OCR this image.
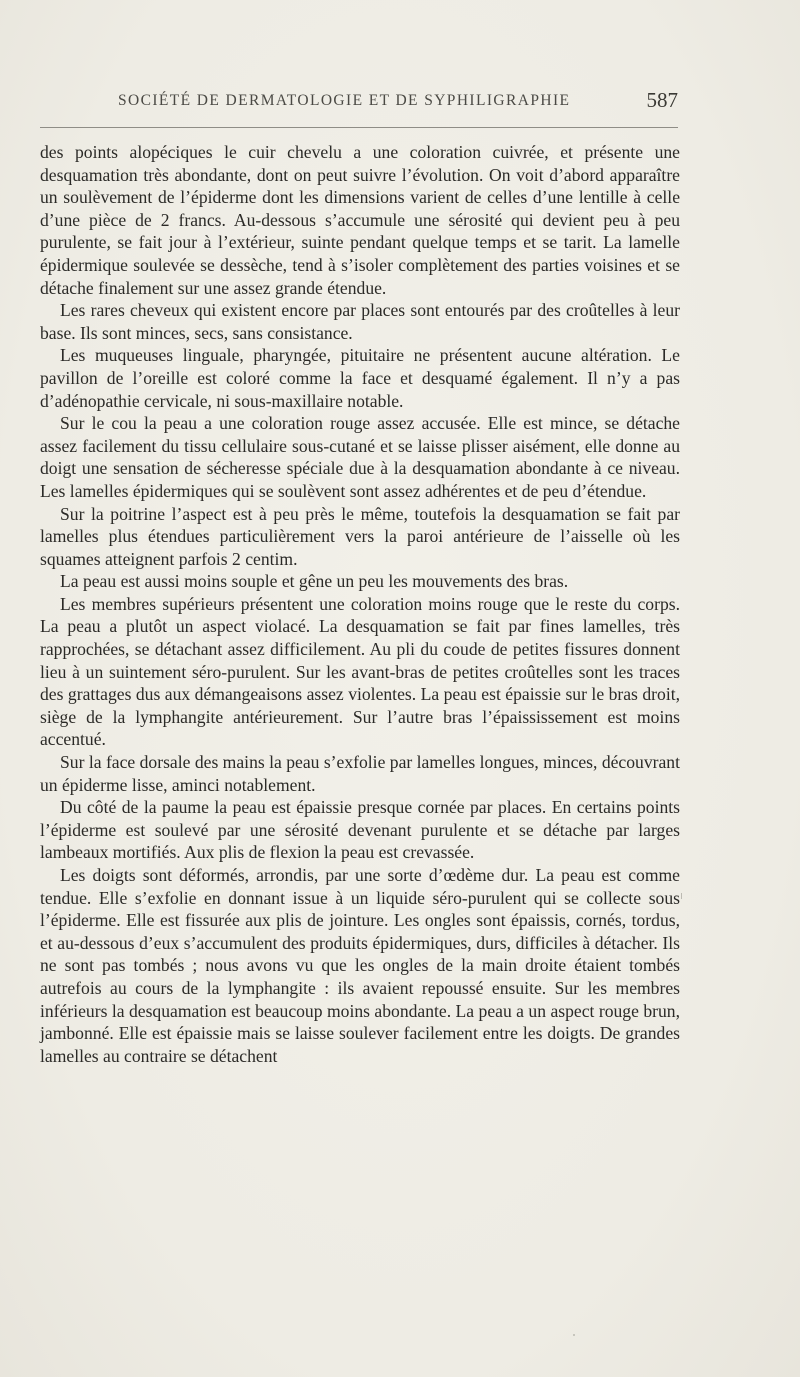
SOCIÉTÉ DE DERMATOLOGIE ET DE SYPHILIGRAPHIE	587

des points alopéciques le cuir chevelu a une coloration cuivrée, et présente une desquamation très abondante, dont on peut suivre l’évolution. On voit d’abord apparaître un soulèvement de l’épiderme dont les dimensions varient de celles d’une lentille à celle d’une pièce de 2 francs. Au-dessous s’accumule une sérosité qui devient peu à peu purulente, se fait jour à l’extérieur, suinte pendant quelque temps et se tarit. La lamelle épidermique soulevée se dessèche, tend à s’isoler complètement des parties voisines et se détache finalement sur une assez grande étendue.

Les rares cheveux qui existent encore par places sont entourés par des croûtelles à leur base. Ils sont minces, secs, sans consistance.

Les muqueuses linguale, pharyngée, pituitaire ne présentent aucune altération. Le pavillon de l’oreille est coloré comme la face et desquamé également. Il n’y a pas d’adénopathie cervicale, ni sous-maxillaire notable.

Sur le cou la peau a une coloration rouge assez accusée. Elle est mince, se détache assez facilement du tissu cellulaire sous-cutané et se laisse plisser aisément, elle donne au doigt une sensation de sécheresse spéciale due à la desquamation abondante à ce niveau. Les lamelles épidermiques qui se soulèvent sont assez adhérentes et de peu d’étendue.

Sur la poitrine l’aspect est à peu près le même, toutefois la desquamation se fait par lamelles plus étendues particulièrement vers la paroi antérieure de l’aisselle où les squames atteignent parfois 2 centim.

La peau est aussi moins souple et gêne un peu les mouvements des bras.

Les membres supérieurs présentent une coloration moins rouge que le reste du corps. La peau a plutôt un aspect violacé. La desquamation se fait par fines lamelles, très rapprochées, se détachant assez difficilement. Au pli du coude de petites fissures donnent lieu à un suintement séro-purulent. Sur les avant-bras de petites croûtelles sont les traces des grattages dus aux démangeaisons assez violentes. La peau est épaissie sur le bras droit, siège de la lymphangite antérieurement. Sur l’autre bras l’épaississement est moins accentué.

Sur la face dorsale des mains la peau s’exfolie par lamelles longues, minces, découvrant un épiderme lisse, aminci notablement.

Du côté de la paume la peau est épaissie presque cornée par places. En certains points l’épiderme est soulevé par une sérosité devenant purulente et se détache par larges lambeaux mortifiés. Aux plis de flexion la peau est crevassée.

Les doigts sont déformés, arrondis, par une sorte d’œdème dur. La peau est comme tendue. Elle s’exfolie en donnant issue à un liquide séro-purulent qui se collecte sous l’épiderme. Elle est fissurée aux plis de jointure. Les ongles sont épaissis, cornés, tordus, et au-dessous d’eux s’accumulent des produits épidermiques, durs, difficiles à détacher. Ils ne sont pas tombés ; nous avons vu que les ongles de la main droite étaient tombés autrefois au cours de la lymphangite : ils avaient repoussé ensuite. Sur les membres inférieurs la desquamation est beaucoup moins abondante. La peau a un aspect rouge brun, jambonné. Elle est épaissie mais se laisse soulever facilement entre les doigts. De grandes lamelles au contraire se détachent
